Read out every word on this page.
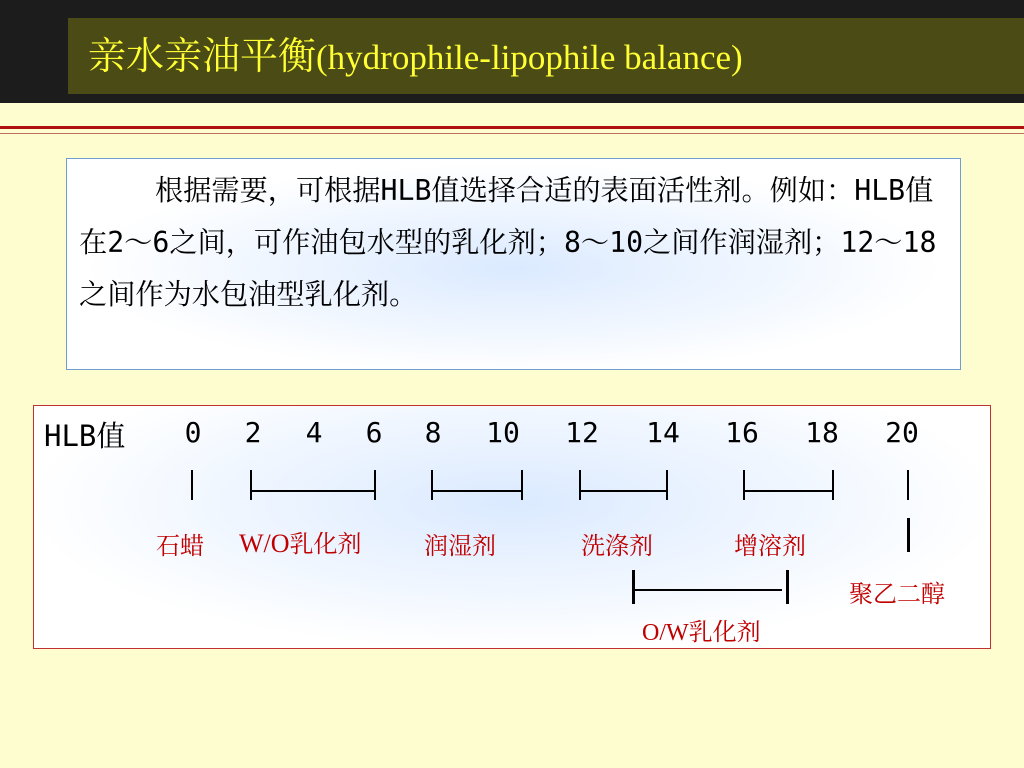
亲水亲油平衡(hydrophile-lipophile balance)

根据需要，可根据HLB值选择合适的表面活性剂。例如：HLB值在2～6之间，可作油包水型的乳化剂；8～10之间作润湿剂；12～18之间作为水包油型乳化剂。

HLB值 0 2 4 6 8 10 12 14 16 18 20
石蜡 W/O乳化剂	润湿剂	洗涤剂	增溶剂
聚乙二醇
O/W乳化剂
